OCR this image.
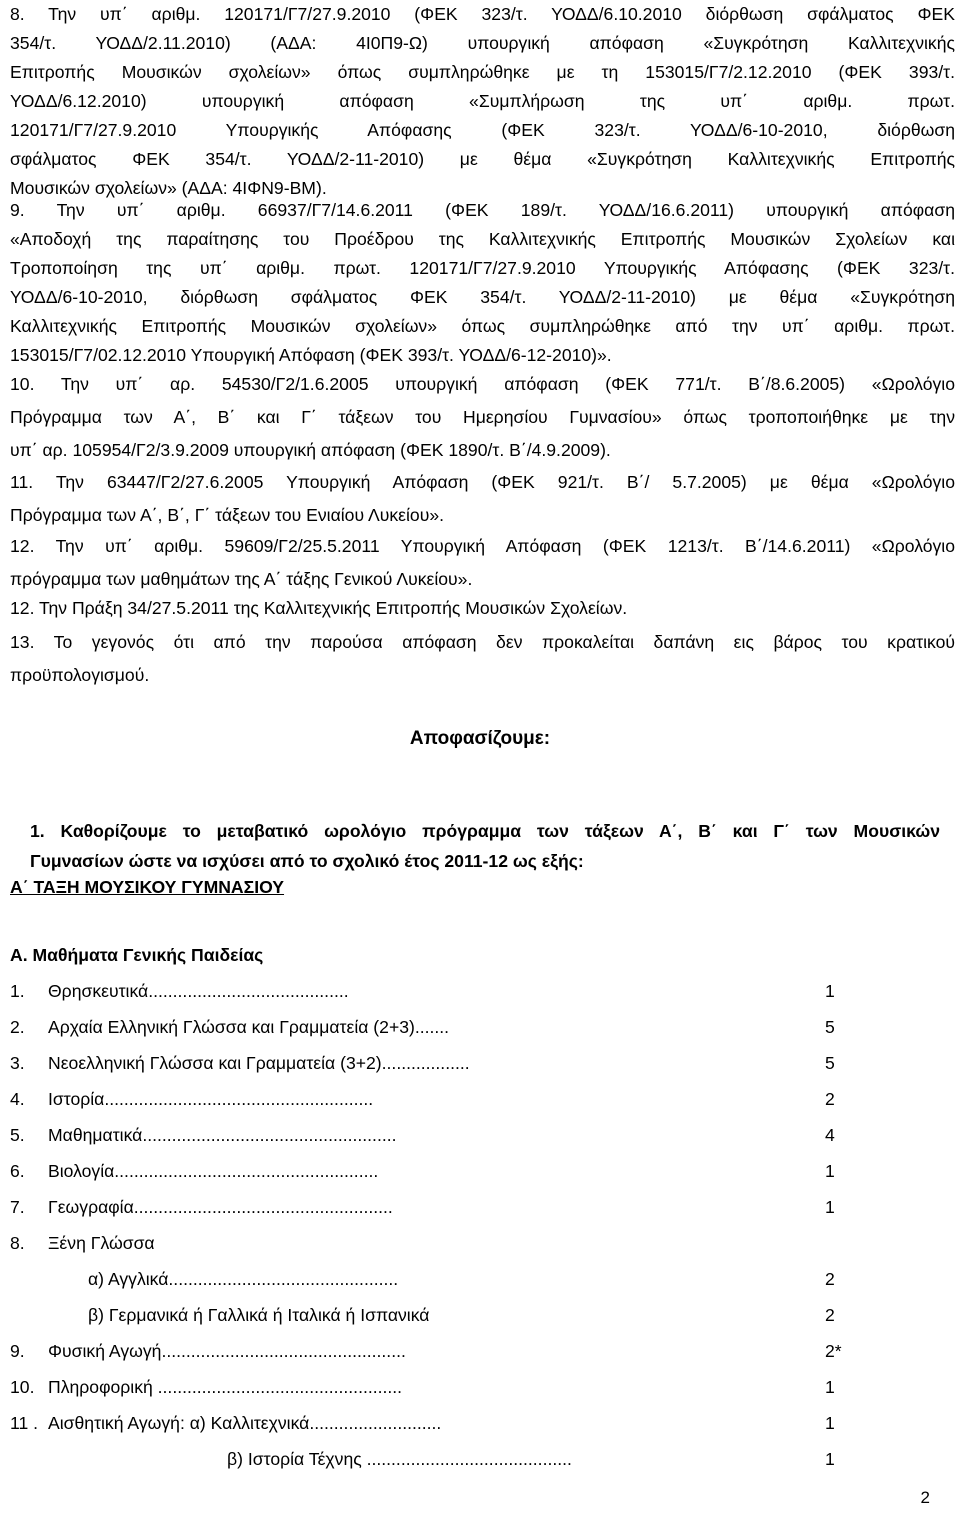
8. Την υπ΄ αριθμ. 120171/Γ7/27.9.2010 (ΦΕΚ 323/τ. ΥΟΔΔ/6.10.2010 διόρθωση σφάλματος ΦΕΚ
354/τ. ΥΟΔΔ/2.11.2010) (ΑΔΑ: 4Ι0Π9-Ω) υπουργική απόφαση «Συγκρότηση Καλλιτεχνικής
Επιτροπής Μουσικών σχολείων» όπως συμπληρώθηκε με τη 153015/Γ7/2.12.2010 (ΦΕΚ 393/τ.
ΥΟΔΔ/6.12.2010) υπουργική απόφαση «Συμπλήρωση της υπ΄ αριθμ. πρωτ.
120171/Γ7/27.9.2010 Υπουργικής Απόφασης (ΦΕΚ 323/τ. ΥΟΔΔ/6-10-2010, διόρθωση
σφάλματος ΦΕΚ 354/τ. ΥΟΔΔ/2-11-2010) με θέμα «Συγκρότηση Καλλιτεχνικής Επιτροπής
Μουσικών σχολείων» (ΑΔΑ: 4ΙΦΝ9-ΒΜ).
9. Την υπ΄ αριθμ. 66937/Γ7/14.6.2011 (ΦΕΚ 189/τ. ΥΟΔΔ/16.6.2011) υπουργική απόφαση
«Αποδοχή της παραίτησης του Προέδρου της Καλλιτεχνικής Επιτροπής Μουσικών Σχολείων και
Τροποποίηση της υπ΄ αριθμ. πρωτ. 120171/Γ7/27.9.2010 Υπουργικής Απόφασης (ΦΕΚ 323/τ.
ΥΟΔΔ/6-10-2010, διόρθωση σφάλματος ΦΕΚ 354/τ. ΥΟΔΔ/2-11-2010) με θέμα «Συγκρότηση
Καλλιτεχνικής Επιτροπής Μουσικών σχολείων» όπως συμπληρώθηκε από την υπ΄ αριθμ. πρωτ.
153015/Γ7/02.12.2010 Υπουργική Απόφαση (ΦΕΚ 393/τ. ΥΟΔΔ/6-12-2010)».
10. Την υπ΄ αρ. 54530/Γ2/1.6.2005 υπουργική απόφαση (ΦΕΚ 771/τ. Β΄/8.6.2005) «Ωρολόγιο
Πρόγραμμα των Α΄, Β΄ και Γ΄ τάξεων του Ημερησίου Γυμνασίου» όπως τροποποιήθηκε με την
υπ΄ αρ. 105954/Γ2/3.9.2009 υπουργική απόφαση (ΦΕΚ 1890/τ. Β΄/4.9.2009).
11. Την 63447/Γ2/27.6.2005 Υπουργική Απόφαση (ΦΕΚ 921/τ. Β΄/ 5.7.2005) με θέμα «Ωρολόγιο
Πρόγραμμα των Α΄, Β΄, Γ΄ τάξεων του Ενιαίου Λυκείου».
12. Την υπ΄ αριθμ. 59609/Γ2/25.5.2011 Υπουργική Απόφαση (ΦΕΚ 1213/τ. Β΄/14.6.2011) «Ωρολόγιο
πρόγραμμα των μαθημάτων της Α΄ τάξης Γενικού Λυκείου».
12. Την Πράξη 34/27.5.2011 της Καλλιτεχνικής Επιτροπής Μουσικών Σχολείων.
13. Το γεγονός ότι από την παρούσα απόφαση δεν προκαλείται δαπάνη εις βάρος του κρατικού
προϋπολογισμού.
Αποφασίζουμε:
1. Καθορίζουμε το μεταβατικό ωρολόγιο πρόγραμμα των τάξεων Α΄, Β΄ και Γ΄ των Μουσικών
Γυμνασίων ώστε να ισχύσει από το σχολικό έτος 2011-12 ως εξής:
Α΄ ΤΑΞΗ ΜΟΥΣΙΚΟΥ ΓΥΜΝΑΣΙΟΥ
Α. Μαθήματα Γενικής Παιδείας
1. Θρησκευτικά.........................................	1
2. Αρχαία Ελληνική Γλώσσα και Γραμματεία (2+3).......	5
3. Νεοελληνική Γλώσσα και Γραμματεία (3+2)..................	5
4. Ιστορία.......................................................	2
5. Μαθηματικά....................................................	4
6. Βιολογία......................................................	1
7. Γεωγραφία.....................................................	1
8. Ξένη Γλώσσα
α) Αγγλικά...............................................	2
β) Γερμανικά ή Γαλλικά ή Ιταλικά ή Ισπανικά	2
9. Φυσική Αγωγή..................................................	2*
10. Πληροφορική ..................................................	1
11 . Αισθητική Αγωγή: α) Καλλιτεχνικά...........................	1
β) Ιστορία Τέχνης ..........................................	1
2
